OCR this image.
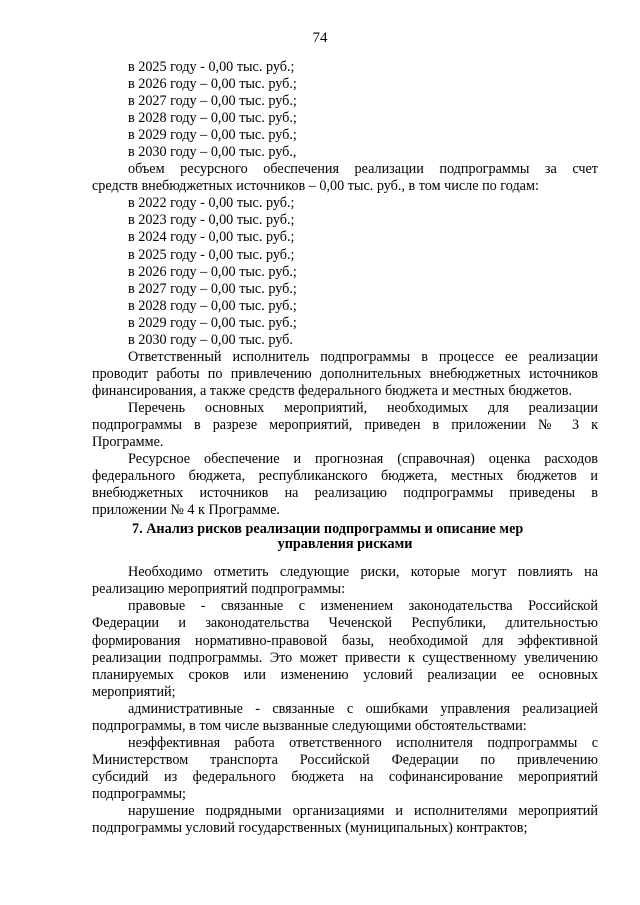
74
в 2025 году - 0,00 тыс. руб.;
в 2026 году – 0,00 тыс. руб.;
в 2027 году – 0,00 тыс. руб.;
в 2028 году – 0,00 тыс. руб.;
в 2029 году – 0,00 тыс. руб.;
в 2030 году – 0,00 тыс. руб.,
объем ресурсного обеспечения реализации подпрограммы за счет
средств внебюджетных источников – 0,00 тыс. руб., в том числе по годам:
в 2022 году - 0,00 тыс. руб.;
в 2023 году - 0,00 тыс. руб.;
в 2024 году - 0,00 тыс. руб.;
в 2025 году - 0,00 тыс. руб.;
в 2026 году – 0,00 тыс. руб.;
в 2027 году – 0,00 тыс. руб.;
в 2028 году – 0,00 тыс. руб.;
в 2029 году – 0,00 тыс. руб.;
в 2030 году – 0,00 тыс. руб.
Ответственный исполнитель подпрограммы в процессе ее реализации
проводит работы по привлечению дополнительных внебюджетных источников
финансирования, а также средств федерального бюджета и местных бюджетов.
Перечень основных мероприятий, необходимых для реализации
подпрограммы в разрезе мероприятий, приведен в приложении № 3 к
Программе.
Ресурсное обеспечение и прогнозная (справочная) оценка расходов
федерального бюджета, республиканского бюджета, местных бюджетов и
внебюджетных источников на реализацию подпрограммы приведены в
приложении № 4 к Программе.
7. Анализ рисков реализации подпрограммы и описание мер
управления рисками
Необходимо отметить следующие риски, которые могут повлиять на
реализацию мероприятий подпрограммы:
правовые - связанные с изменением законодательства Российской
Федерации и законодательства Чеченской Республики, длительностью
формирования нормативно-правовой базы, необходимой для эффективной
реализации подпрограммы. Это может привести к существенному увеличению
планируемых сроков или изменению условий реализации ее основных
мероприятий;
административные - связанные с ошибками управления реализацией
подпрограммы, в том числе вызванные следующими обстоятельствами:
неэффективная работа ответственного исполнителя подпрограммы с
Министерством транспорта Российской Федерации по привлечению
субсидий из федерального бюджета на софинансирование мероприятий
подпрограммы;
нарушение подрядными организациями и исполнителями мероприятий
подпрограммы условий государственных (муниципальных) контрактов;
